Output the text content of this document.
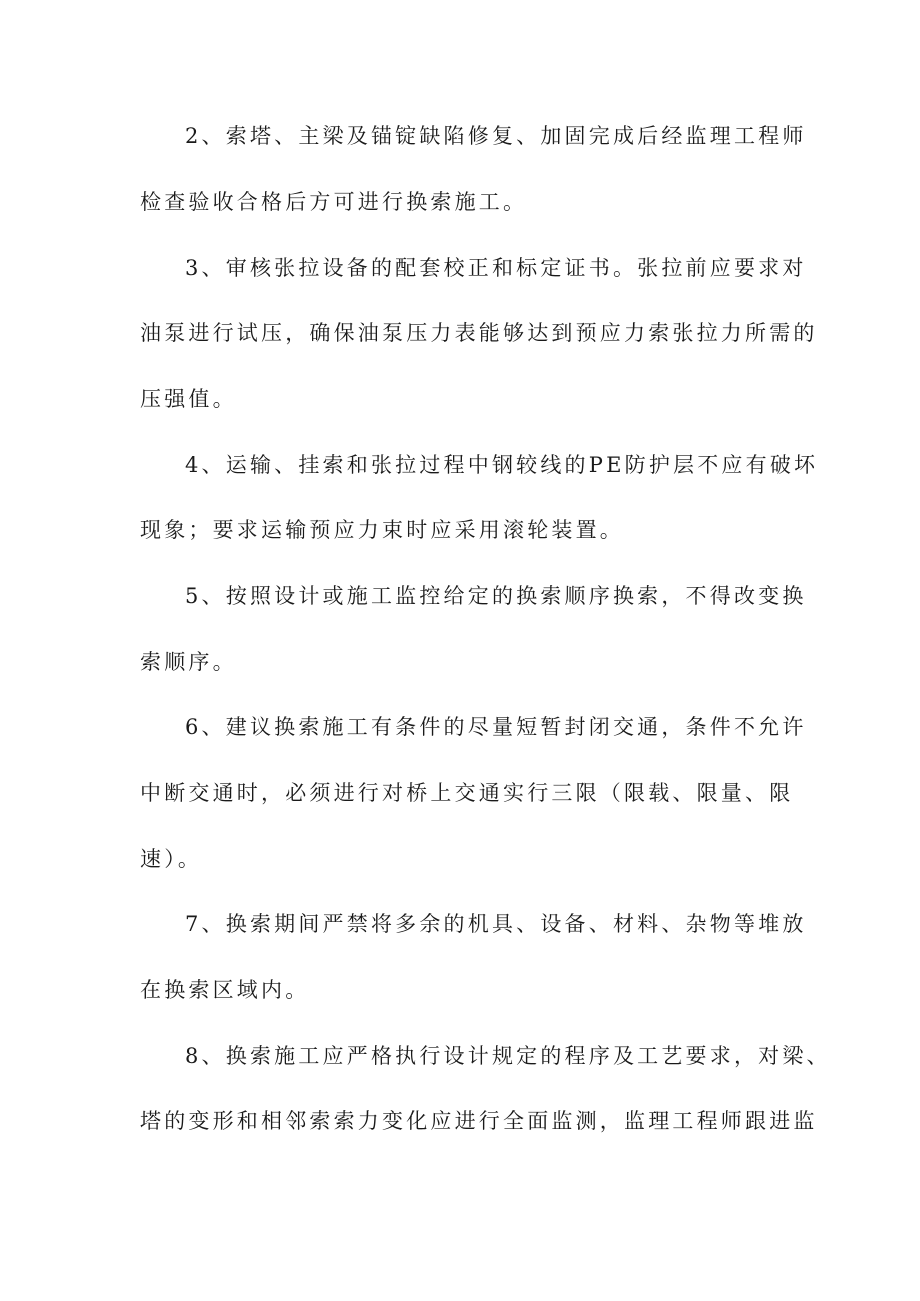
2、索塔、主梁及锚锭缺陷修复、加固完成后经监理工程师
检查验收合格后方可进行换索施工。
3、审核张拉设备的配套校正和标定证书。张拉前应要求对
油泵进行试压，确保油泵压力表能够达到预应力索张拉力所需的
压强值。
4、运输、挂索和张拉过程中钢较线的PE防护层不应有破坏
现象；要求运输预应力束时应采用滚轮装置。
5、按照设计或施工监控给定的换索顺序换索，不得改变换
索顺序。
6、建议换索施工有条件的尽量短暂封闭交通，条件不允许
中断交通时，必须进行对桥上交通实行三限（限载、限量、限
速）。
7、换索期间严禁将多余的机具、设备、材料、杂物等堆放
在换索区域内。
8、换索施工应严格执行设计规定的程序及工艺要求，对梁、
塔的变形和相邻索索力变化应进行全面监测，监理工程师跟进监
